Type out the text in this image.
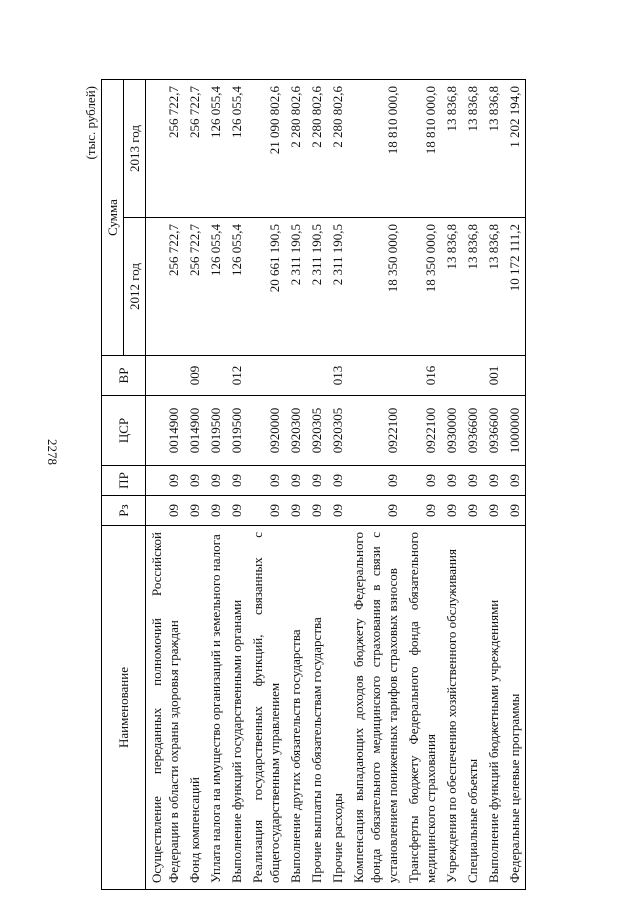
2278
(тыс. рублей)
Наименование	Рз	ПР	ЦСР	ВР	Сумма	
					2012 год	2013 год
Осуществление переданных полномочий Российской Федерации в области охраны здоровья граждан	09	09	0014900		256 722,7	256 722,7
Фонд компенсаций	09	09	0014900	009	256 722,7	256 722,7
Уплата налога на имущество организаций и земельного налога	09	09	0019500		126 055,4	126 055,4
Выполнение функций государственными органами	09	09	0019500	012	126 055,4	126 055,4
Реализация государственных функций, связанных с общегосударственным управлением	09	09	0920000		20 661 190,5	21 090 802,6
Выполнение других обязательств государства	09	09	0920300		2 311 190,5	2 280 802,6
Прочие выплаты по обязательствам государства	09	09	0920305		2 311 190,5	2 280 802,6
Прочие расходы	09	09	0920305	013	2 311 190,5	2 280 802,6
Компенсация выпадающих доходов бюджету Федерального фонда обязательного медицинского страхования в связи с установлением пониженных тарифов страховых взносов	09	09	0922100		18 350 000,0	18 810 000,0
Трансферты бюджету Федерального фонда обязательного медицинского страхования	09	09	0922100	016	18 350 000,0	18 810 000,0
Учреждения по обеспечению хозяйственного обслуживания	09	09	0930000		13 836,8	13 836,8
Специальные объекты	09	09	0936600		13 836,8	13 836,8
Выполнение функций бюджетными учреждениями	09	09	0936600	001	13 836,8	13 836,8
Федеральные целевые программы	09	09	1000000		10 172 111,2	1 202 194,0
